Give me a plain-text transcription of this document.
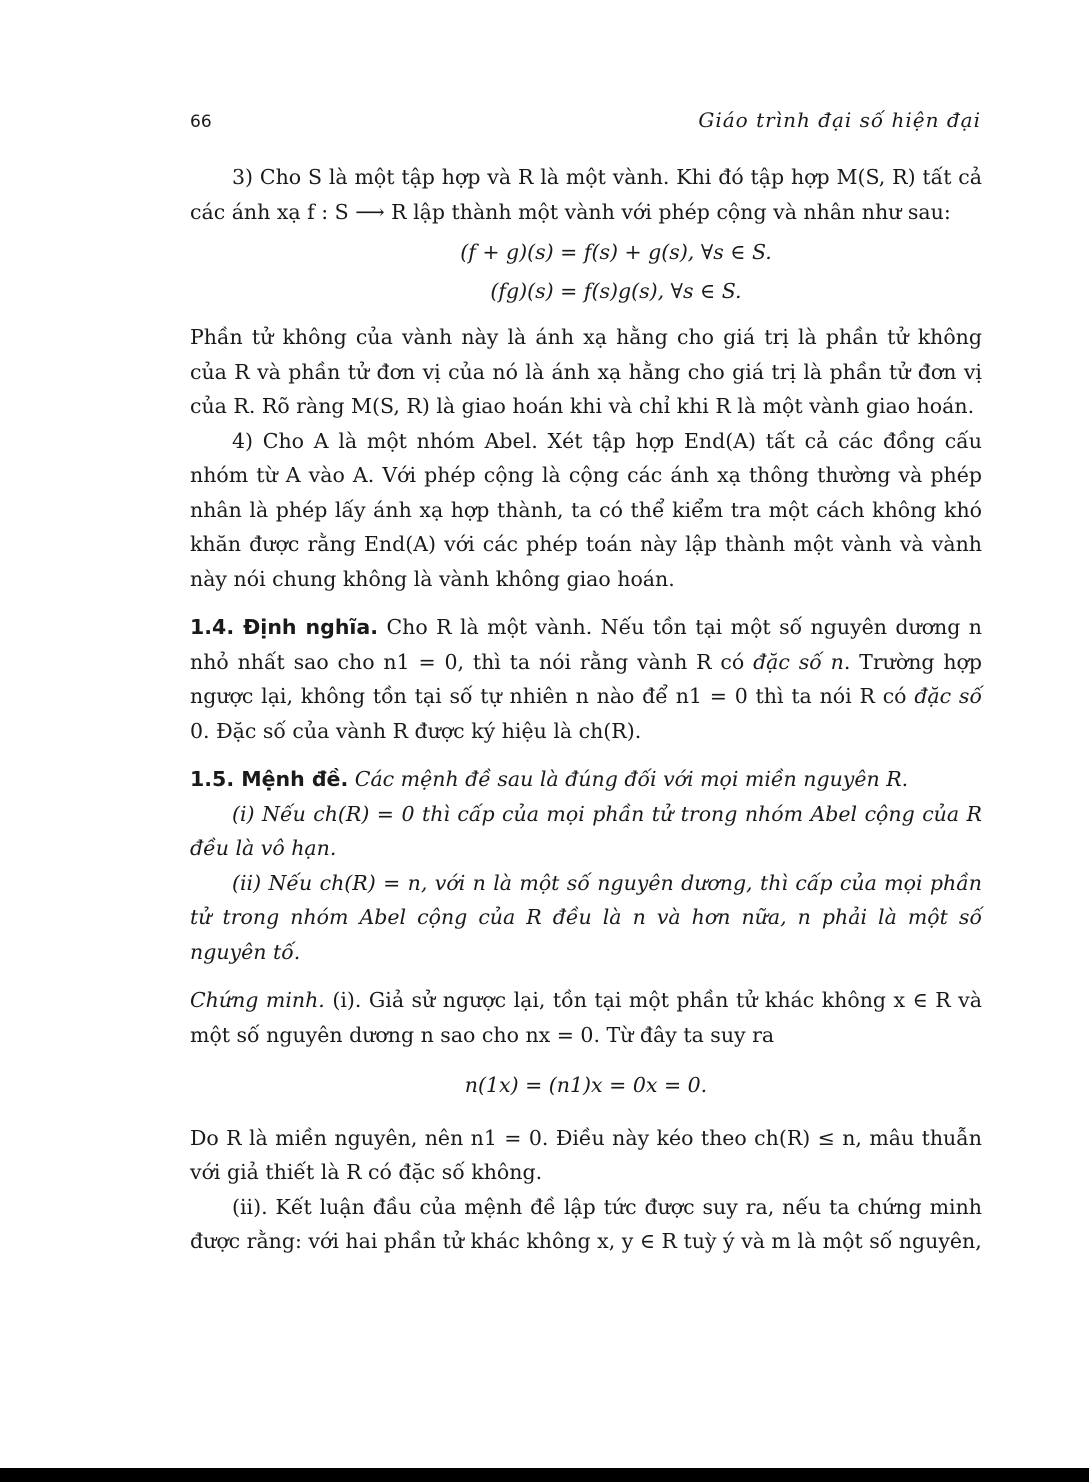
66	Giáo trình đại số hiện đại

3) Cho S là một tập hợp và R là một vành. Khi đó tập hợp M(S, R) tất cả các ánh xạ f : S ⟶ R lập thành một vành với phép cộng và nhân như sau:

(f + g)(s) = f(s) + g(s), ∀s ∈ S.

(fg)(s) = f(s)g(s), ∀s ∈ S.

Phần tử không của vành này là ánh xạ hằng cho giá trị là phần tử không của R và phần tử đơn vị của nó là ánh xạ hằng cho giá trị là phần tử đơn vị của R. Rõ ràng M(S, R) là giao hoán khi và chỉ khi R là một vành giao hoán.

4) Cho A là một nhóm Abel. Xét tập hợp End(A) tất cả các đồng cấu nhóm từ A vào A. Với phép cộng là cộng các ánh xạ thông thường và phép nhân là phép lấy ánh xạ hợp thành, ta có thể kiểm tra một cách không khó khăn được rằng End(A) với các phép toán này lập thành một vành và vành này nói chung không là vành không giao hoán.

1.4. Định nghĩa. Cho R là một vành. Nếu tồn tại một số nguyên dương n nhỏ nhất sao cho n1 = 0, thì ta nói rằng vành R có đặc số n. Trường hợp ngược lại, không tồn tại số tự nhiên n nào để n1 = 0 thì ta nói R có đặc số 0. Đặc số của vành R được ký hiệu là ch(R).

1.5. Mệnh đề. Các mệnh đề sau là đúng đối với mọi miền nguyên R.

(i) Nếu ch(R) = 0 thì cấp của mọi phần tử trong nhóm Abel cộng của R đều là vô hạn.

(ii) Nếu ch(R) = n, với n là một số nguyên dương, thì cấp của mọi phần tử trong nhóm Abel cộng của R đều là n và hơn nữa, n phải là một số nguyên tố.

Chứng minh. (i). Giả sử ngược lại, tồn tại một phần tử khác không x ∈ R và một số nguyên dương n sao cho nx = 0. Từ đây ta suy ra

n(1x) = (n1)x = 0x = 0.

Do R là miền nguyên, nên n1 = 0. Điều này kéo theo ch(R) ≤ n, mâu thuẫn với giả thiết là R có đặc số không.

(ii). Kết luận đầu của mệnh đề lập tức được suy ra, nếu ta chứng minh được rằng: với hai phần tử khác không x, y ∈ R tuỳ ý và m là một số nguyên,
